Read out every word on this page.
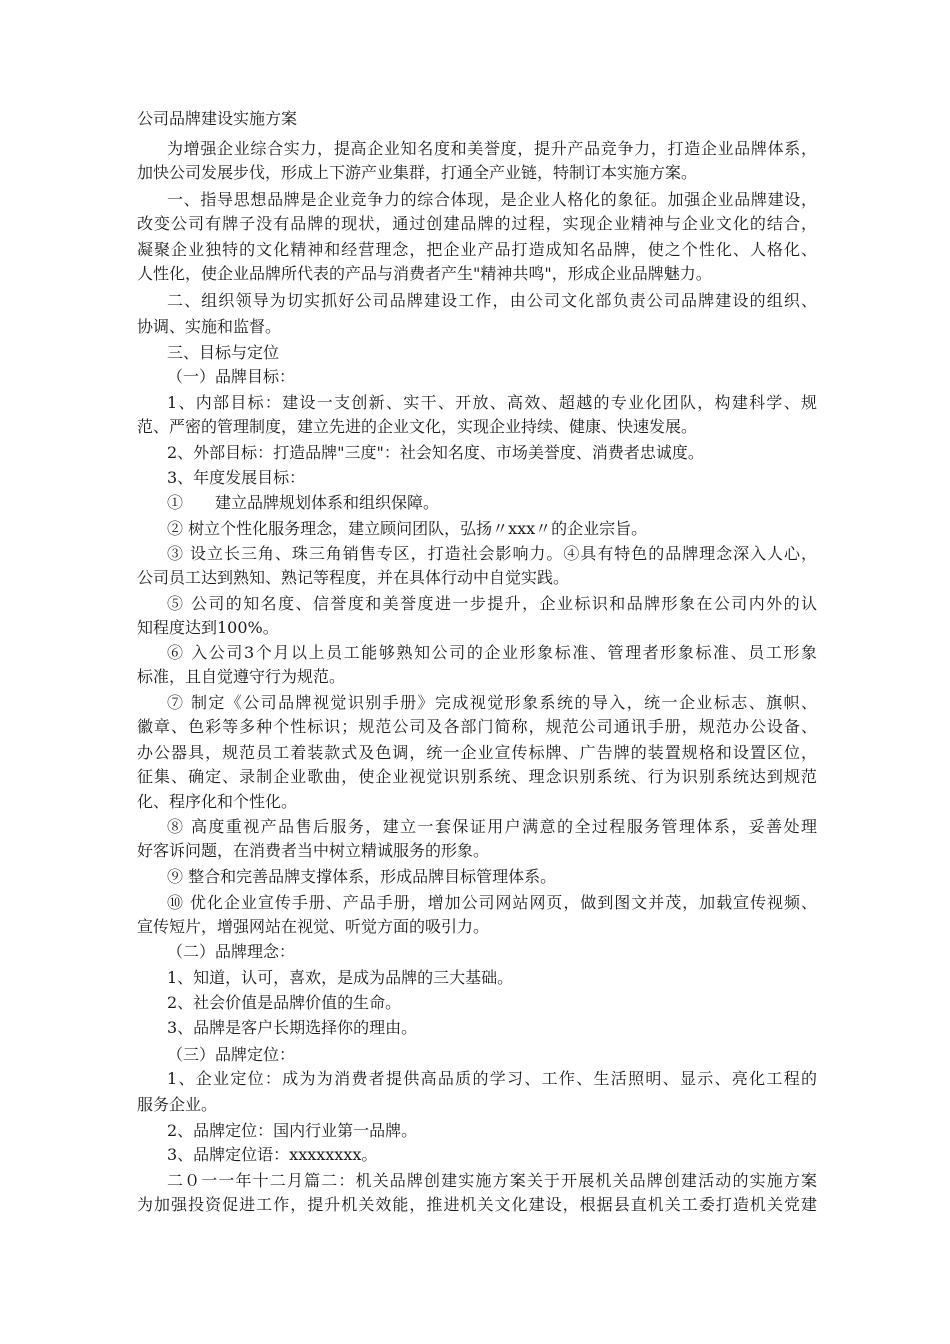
公司品牌建设实施方案
为增强企业综合实力，提高企业知名度和美誉度，提升产品竞争力，打造企业品牌体系，
加快公司发展步伐，形成上下游产业集群，打通全产业链，特制订本实施方案。
一、指导思想品牌是企业竞争力的综合体现，是企业人格化的象征。加强企业品牌建设，
改变公司有牌子没有品牌的现状，通过创建品牌的过程，实现企业精神与企业文化的结合，
凝聚企业独特的文化精神和经营理念，把企业产品打造成知名品牌，使之个性化、人格化、
人性化，使企业品牌所代表的产品与消费者产生"精神共鸣"，形成企业品牌魅力。
二、组织领导为切实抓好公司品牌建设工作，由公司文化部负责公司品牌建设的组织、
协调、实施和监督。
三、目标与定位
（一）品牌目标：
1、内部目标：建设一支创新、实干、开放、高效、超越的专业化团队，构建科学、规
范、严密的管理制度，建立先进的企业文化，实现企业持续、健康、快速发展。
2、外部目标：打造品牌"三度"：社会知名度、市场美誉度、消费者忠诚度。
3、年度发展目标：
①　　建立品牌规划体系和组织保障。
② 树立个性化服务理念，建立顾问团队，弘扬〃xxx〃的企业宗旨。
③ 设立长三角、珠三角销售专区，打造社会影响力。④具有特色的品牌理念深入人心，
公司员工达到熟知、熟记等程度，并在具体行动中自觉实践。
⑤ 公司的知名度、信誉度和美誉度进一步提升，企业标识和品牌形象在公司内外的认
知程度达到100%。
⑥ 入公司3个月以上员工能够熟知公司的企业形象标准、管理者形象标准、员工形象
标准，且自觉遵守行为规范。
⑦ 制定《公司品牌视觉识别手册》完成视觉形象系统的导入，统一企业标志、旗帜、
徽章、色彩等多种个性标识；规范公司及各部门简称，规范公司通讯手册，规范办公设备、
办公器具，规范员工着装款式及色调，统一企业宣传标牌、广告牌的装置规格和设置区位，
征集、确定、录制企业歌曲，使企业视觉识别系统、理念识别系统、行为识别系统达到规范
化、程序化和个性化。
⑧ 高度重视产品售后服务，建立一套保证用户满意的全过程服务管理体系，妥善处理
好客诉问题，在消费者当中树立精诚服务的形象。
⑨ 整合和完善品牌支撑体系，形成品牌目标管理体系。
⑩ 优化企业宣传手册、产品手册，增加公司网站网页，做到图文并茂，加载宣传视频、
宣传短片，增强网站在视觉、听觉方面的吸引力。
（二）品牌理念：
1、知道，认可，喜欢，是成为品牌的三大基础。
2、社会价值是品牌价值的生命。
3、品牌是客户长期选择你的理由。
（三）品牌定位：
1、企业定位：成为为消费者提供高品质的学习、工作、生活照明、显示、亮化工程的
服务企业。
2、品牌定位：国内行业第一品牌。
3、品牌定位语：xxxxxxxx。
二０一一年十二月篇二：机关品牌创建实施方案关于开展机关品牌创建活动的实施方案
为加强投资促进工作，提升机关效能，推进机关文化建设，根据县直机关工委打造机关党建
